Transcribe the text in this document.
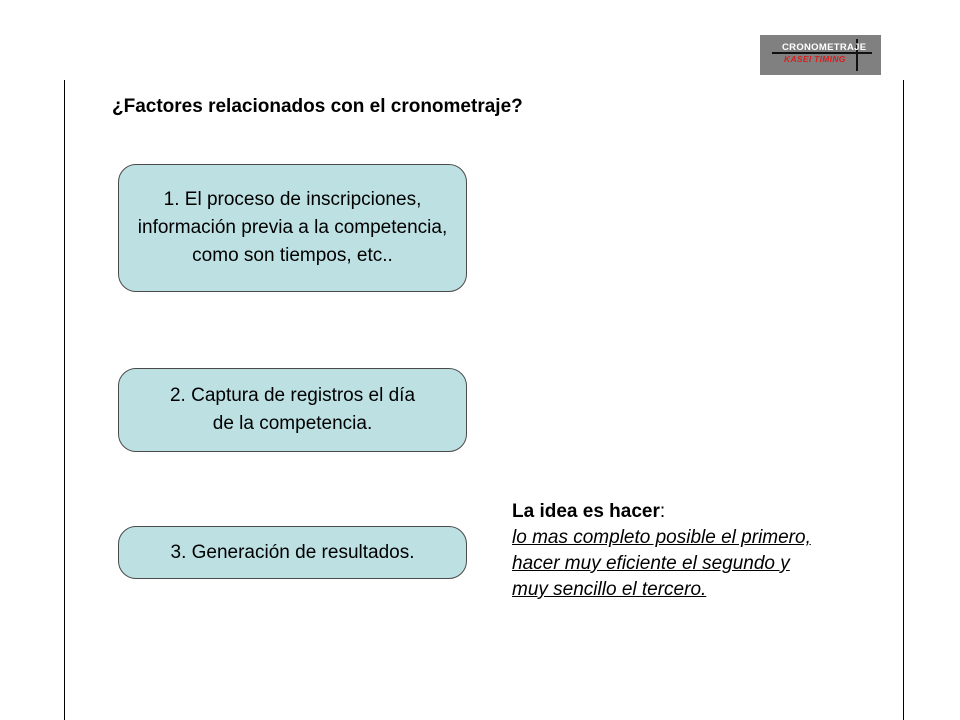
CRONOMETRAJE
KASEI TIMING
¿Factores relacionados con el cronometraje?
1. El proceso de inscripciones, información previa a la competencia, como son tiempos, etc..
2. Captura de registros el día de la competencia.
3. Generación de resultados.
La idea es hacer:
lo mas completo posible el primero,
hacer muy eficiente el segundo y
muy sencillo el tercero.
